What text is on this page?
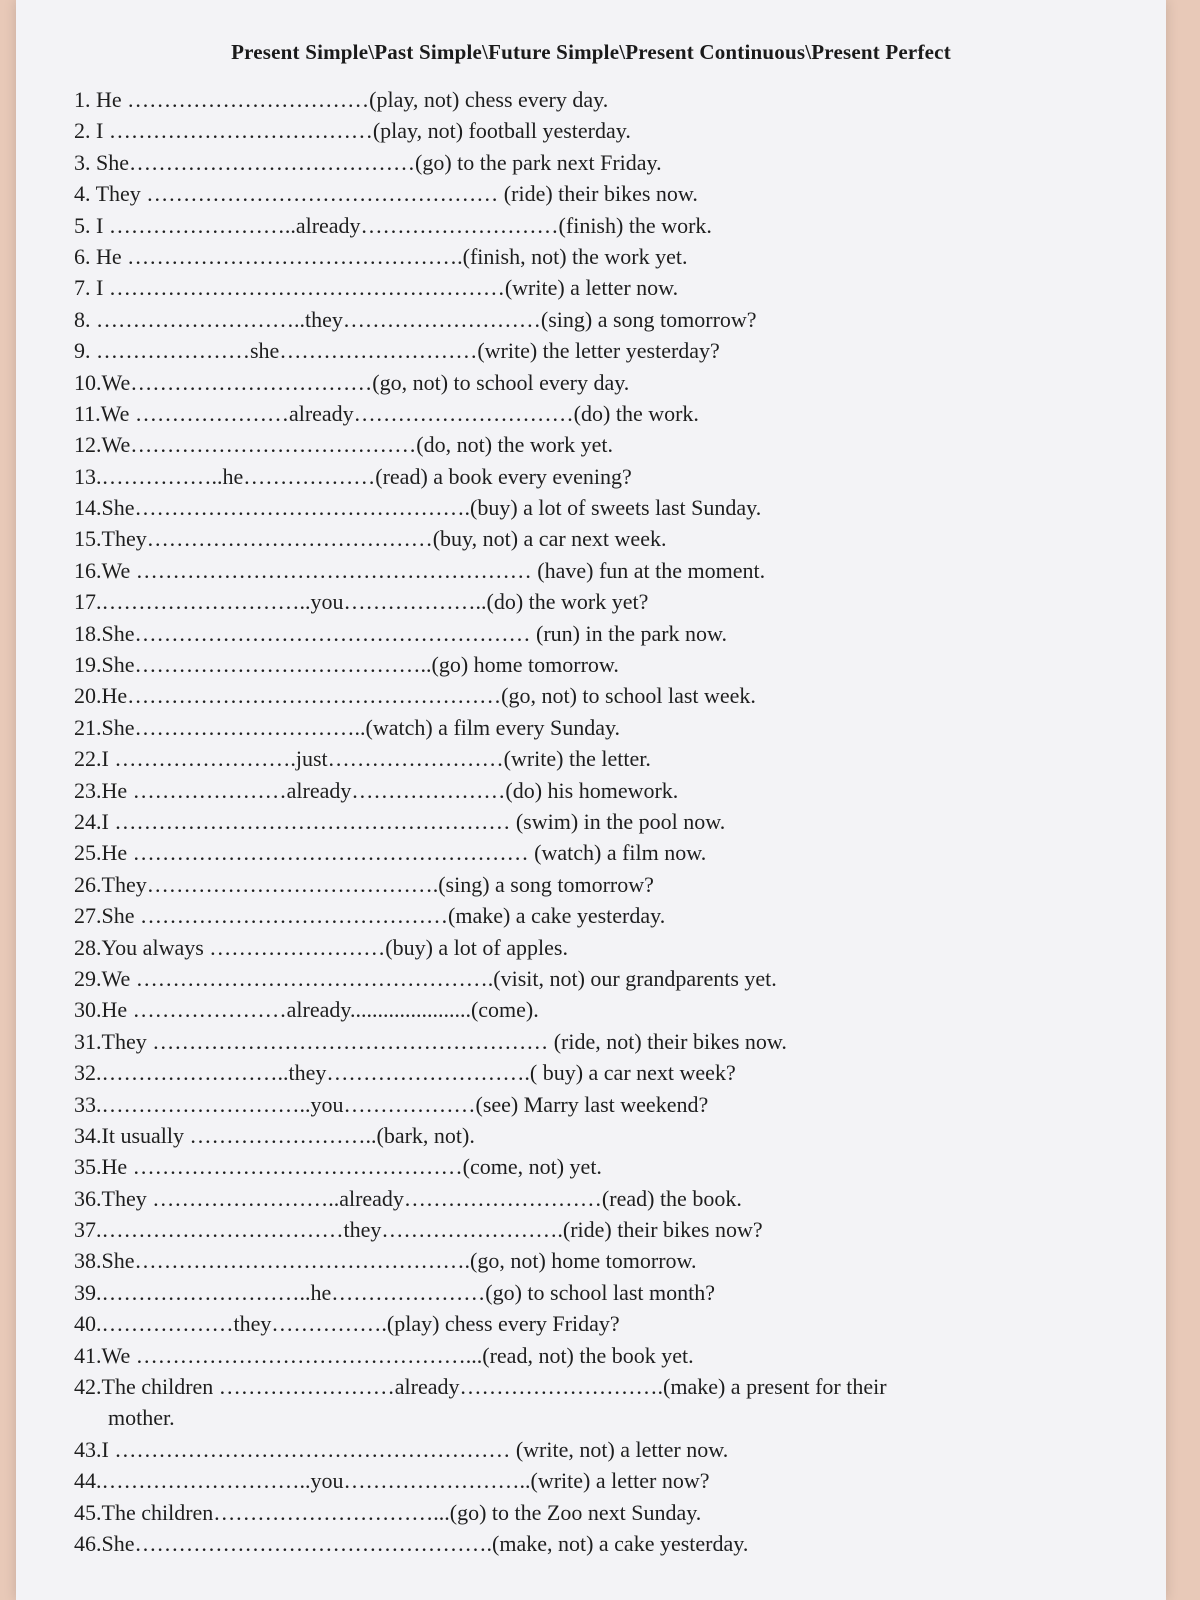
Present Simple\Past Simple\Future Simple\Present Continuous\Present Perfect
1. He ……………………………(play, not) chess every day.
2. I ………………………………(play, not) football yesterday.
3. She…………………………………(go) to the park next Friday.
4. They ………………………………………… (ride) their bikes now.
5. I ……………………..already………………………(finish) the work.
6. He ……………………………………….(finish, not) the work yet.
7. I ………………………………………………(write) a letter now.
8. ………………………..they………………………(sing) a song tomorrow?
9. …………………she………………………(write) the letter yesterday?
10.We……………………………(go, not) to school every day.
11.We …………………already…………………………(do) the work.
12.We…………………………………(do, not) the work yet.
13.……………..he………………(read) a book every evening?
14.She……………………………………….(buy) a lot of sweets last Sunday.
15.They…………………………………(buy, not) a car next week.
16.We ……………………………………………… (have) fun at the moment.
17.………………………..you………………..(do) the work yet?
18.She……………………………………………… (run) in the park now.
19.She…………………………………..(go) home tomorrow.
20.He……………………………………………(go, not) to school last week.
21.She…………………………..(watch) a film every Sunday.
22.I …………………….just……………………(write) the letter.
23.He …………………already…………………(do) his homework.
24.I ……………………………………………… (swim) in the pool now.
25.He ……………………………………………… (watch) a film now.
26.They………………………………….(sing) a song tomorrow?
27.She ……………………………………(make) a cake yesterday.
28.You always ……………………(buy) a lot of apples.
29.We ………………………………………….(visit, not) our grandparents yet.
30.He …………………already......................(come).
31.They ……………………………………………… (ride, not) their bikes now.
32.……………………..they……………………….( buy) a car next week?
33.………………………..you………………(see) Marry last weekend?
34.It usually ……………………..(bark, not).
35.He ………………………………………(come, not) yet.
36.They ……………………..already………………………(read) the book.
37.……………………………they…………………….(ride) their bikes now?
38.She……………………………………….(go, not) home tomorrow.
39.………………………..he…………………(go) to school last month?
40.………………they…………….(play) chess every Friday?
41.We ………………………………………...(read, not) the book yet.
42.The children ……………………already……………………….(make) a present for their
mother.
43.I ……………………………………………… (write, not) a letter now.
44.………………………..you……………………..(write) a letter now?
45.The children…………………………...(go) to the Zoo next Sunday.
46.She………………………………………….(make, not) a cake yesterday.
